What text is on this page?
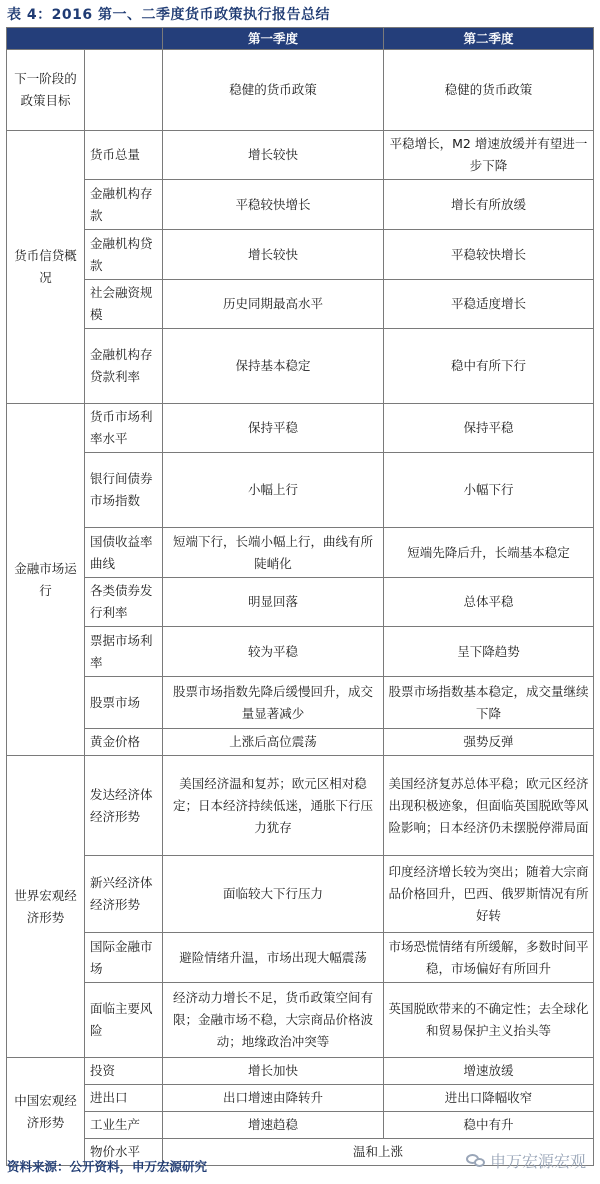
表 4：2016 第一、二季度货币政策执行报告总结
		第一季度	第二季度
下一阶段的政策目标		稳健的货币政策	稳健的货币政策
货币信贷概况	货币总量	增长较快	平稳增长，M2 增速放缓并有望进一步下降
	金融机构存款	平稳较快增长	增长有所放缓
	金融机构贷款	增长较快	平稳较快增长
	社会融资规模	历史同期最高水平	平稳适度增长
	金融机构存贷款利率	保持基本稳定	稳中有所下行
金融市场运行	货币市场利率水平	保持平稳	保持平稳
	银行间债券市场指数	小幅上行	小幅下行
	国债收益率曲线	短端下行，长端小幅上行，曲线有所陡峭化	短端先降后升，长端基本稳定
	各类债券发行利率	明显回落	总体平稳
	票据市场利率	较为平稳	呈下降趋势
	股票市场	股票市场指数先降后缓慢回升，成交量显著减少	股票市场指数基本稳定，成交量继续下降
	黄金价格	上涨后高位震荡	强势反弹
世界宏观经济形势	发达经济体经济形势	美国经济温和复苏；欧元区相对稳定；日本经济持续低迷，通胀下行压力犹存	美国经济复苏总体平稳；欧元区经济出现积极迹象，但面临英国脱欧等风险影响；日本经济仍未摆脱停滞局面
	新兴经济体经济形势	面临较大下行压力	印度经济增长较为突出；随着大宗商品价格回升，巴西、俄罗斯情况有所好转
	国际金融市场	避险情绪升温，市场出现大幅震荡	市场恐慌情绪有所缓解，多数时间平稳，市场偏好有所回升
	面临主要风险	经济动力增长不足，货币政策空间有限；金融市场不稳，大宗商品价格波动；地缘政治冲突等	英国脱欧带来的不确定性；去全球化和贸易保护主义抬头等
中国宏观经济形势	投资	增长加快	增速放缓
	进出口	出口增速由降转升	进出口降幅收窄
	工业生产	增速趋稳	稳中有升
	物价水平	温和上涨	
资料来源：公开资料，申万宏源研究	申万宏源宏观
